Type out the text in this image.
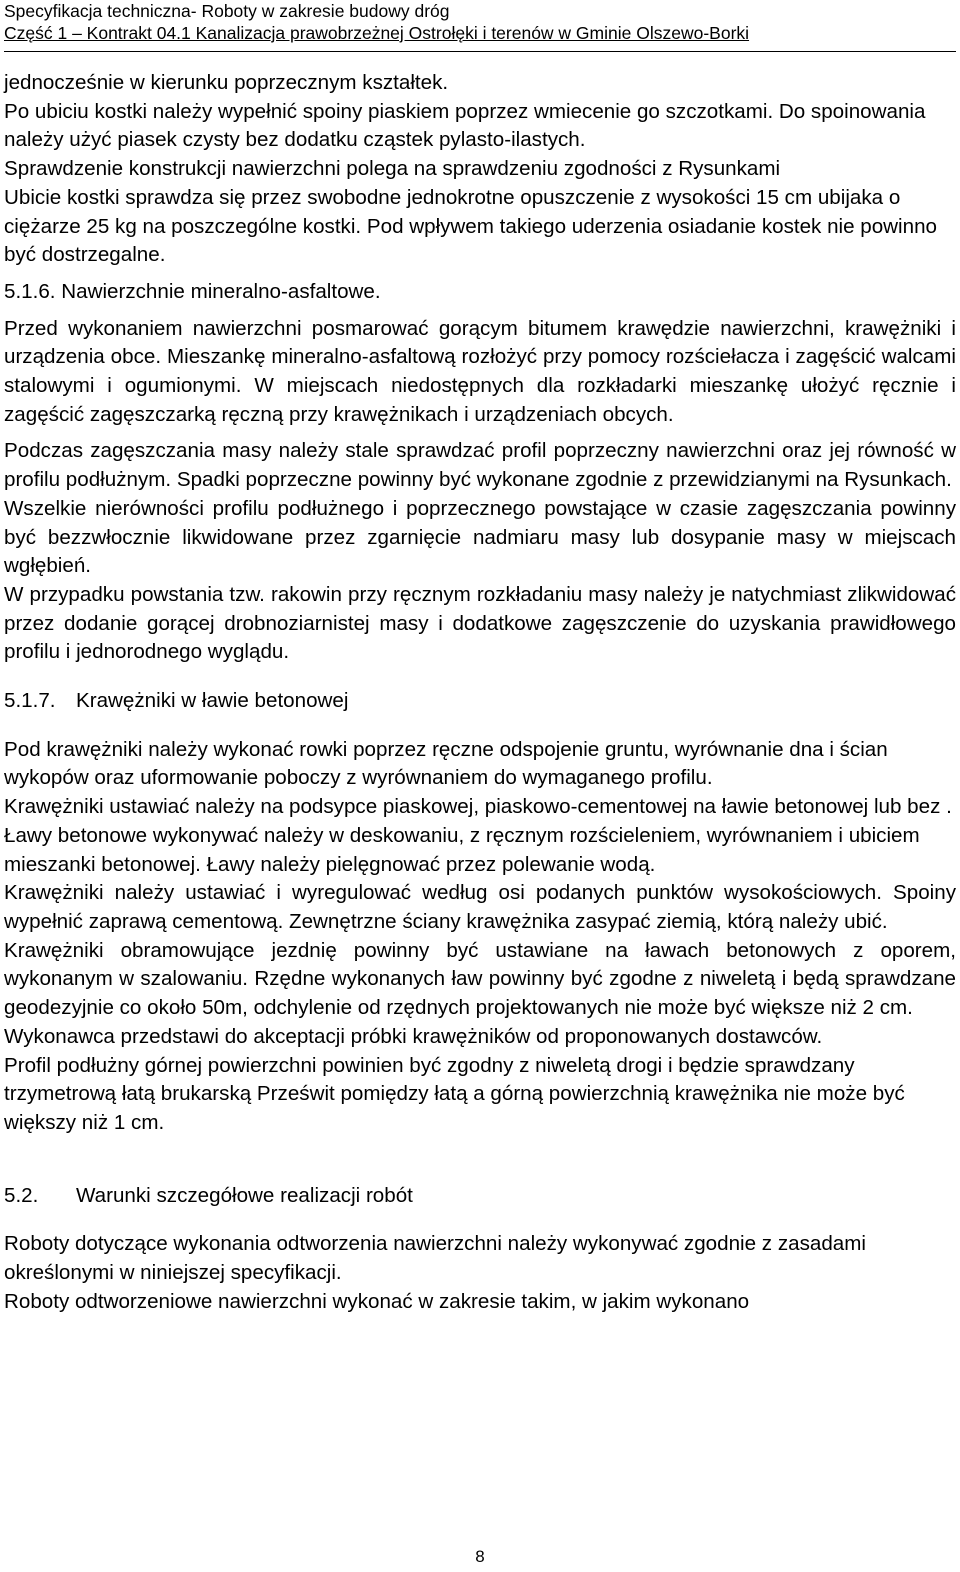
Specyfikacja techniczna- Roboty w zakresie budowy dróg
Część 1 – Kontrakt 04.1 Kanalizacja prawobrzeżnej Ostrołęki i terenów w Gminie Olszewo-Borki

jednocześnie w kierunku poprzecznym kształtek.

Po ubiciu kostki należy wypełnić spoiny piaskiem poprzez wmiecenie go szczotkami. Do spoinowania należy użyć piasek czysty bez dodatku cząstek pylasto-ilastych.

Sprawdzenie konstrukcji nawierzchni polega na sprawdzeniu zgodności z Rysunkami

Ubicie kostki sprawdza się przez swobodne jednokrotne opuszczenie z wysokości 15 cm ubijaka o ciężarze 25 kg na poszczególne kostki. Pod wpływem takiego uderzenia osiadanie kostek nie powinno być dostrzegalne.

5.1.6. Nawierzchnie mineralno-asfaltowe.

Przed wykonaniem nawierzchni posmarować gorącym bitumem krawędzie nawierzchni, krawężniki i urządzenia obce. Mieszankę mineralno-asfaltową rozłożyć przy pomocy rozściełacza i zagęścić walcami stalowymi i ogumionymi. W miejscach niedostępnych dla rozkładarki mieszankę ułożyć ręcznie i zagęścić zagęszczarką ręczną przy krawężnikach i urządzeniach obcych.

Podczas zagęszczania masy należy stale sprawdzać profil poprzeczny nawierzchni oraz jej równość w profilu podłużnym. Spadki poprzeczne powinny być wykonane zgodnie z przewidzianymi na Rysunkach.

Wszelkie nierówności profilu podłużnego i poprzecznego powstające w czasie zagęszczania powinny być bezzwłocznie likwidowane przez zgarnięcie nadmiaru masy lub dosypanie masy w miejscach wgłębień.

W przypadku powstania tzw. rakowin przy ręcznym rozkładaniu masy należy je natychmiast zlikwidować przez dodanie gorącej drobnoziarnistej masy i dodatkowe zagęszczenie do uzyskania prawidłowego profilu i jednorodnego wyglądu.

5.1.7. Krawężniki w ławie betonowej

Pod krawężniki należy wykonać rowki poprzez ręczne odspojenie gruntu, wyrównanie dna i ścian wykopów oraz uformowanie poboczy z wyrównaniem do wymaganego profilu.

Krawężniki ustawiać należy na podsypce piaskowej, piaskowo-cementowej na ławie betonowej lub bez . Ławy betonowe wykonywać należy w deskowaniu, z ręcznym rozścieleniem, wyrównaniem i ubiciem mieszanki betonowej. Ławy należy pielęgnować przez polewanie wodą.

Krawężniki należy ustawiać i wyregulować według osi podanych punktów wysokościowych. Spoiny wypełnić zaprawą cementową. Zewnętrzne ściany krawężnika zasypać ziemią, którą należy ubić.

Krawężniki obramowujące jezdnię powinny być ustawiane na ławach betonowych z oporem, wykonanym w szalowaniu. Rzędne wykonanych ław powinny być zgodne z niweletą i będą sprawdzane geodezyjnie co około 50m, odchylenie od rzędnych projektowanych nie może być większe niż 2 cm.

Wykonawca przedstawi do akceptacji próbki krawężników od proponowanych dostawców.

Profil podłużny górnej powierzchni powinien być zgodny z niweletą drogi i będzie sprawdzany trzymetrową łatą brukarską Prześwit pomiędzy łatą a górną powierzchnią krawężnika nie może być większy niż 1 cm.

5.2. Warunki szczegółowe realizacji robót

Roboty dotyczące wykonania odtworzenia nawierzchni należy wykonywać zgodnie z zasadami określonymi w niniejszej specyfikacji.

Roboty odtworzeniowe nawierzchni wykonać w zakresie takim, w jakim wykonano

8
